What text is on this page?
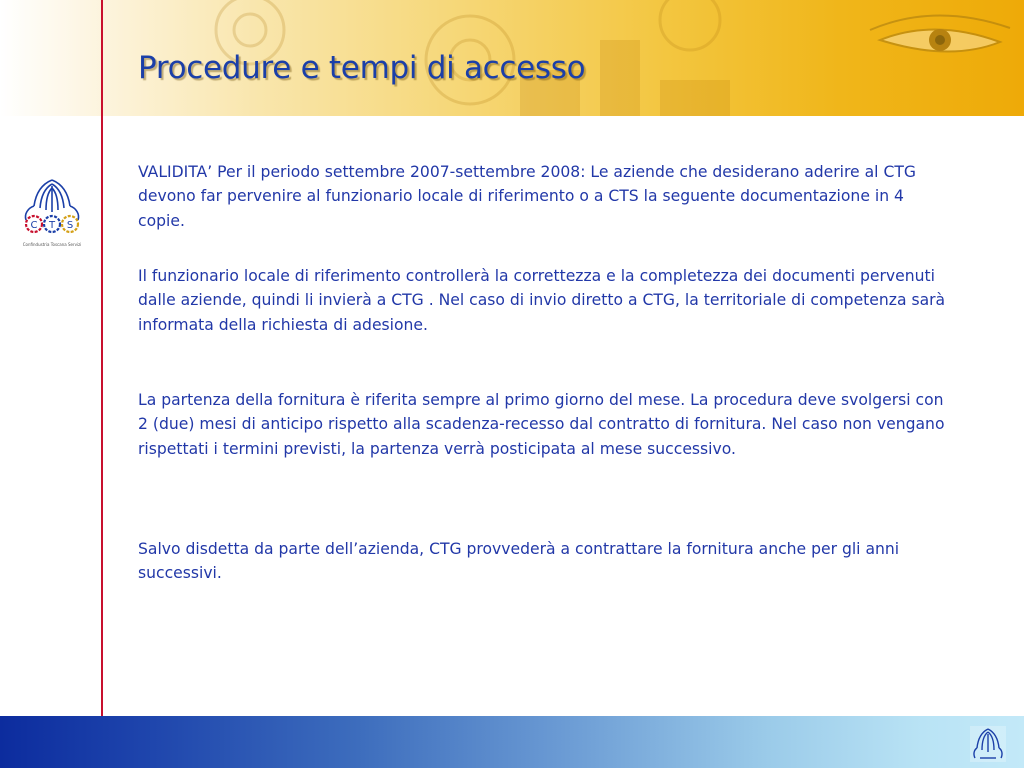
Procedure e tempi di accesso
C T S
Confindustria Toscana Servizi

VALIDITA’ Per il periodo settembre 2007-settembre 2008: Le aziende che desiderano aderire al CTG devono far pervenire al funzionario locale di riferimento o a CTS la seguente documentazione in 4 copie.

Il funzionario locale di riferimento controllerà la correttezza e la completezza dei documenti pervenuti dalle aziende, quindi li invierà a CTG . Nel caso di invio diretto a CTG, la territoriale di competenza sarà informata della richiesta di adesione.

La partenza della fornitura è riferita sempre al primo giorno del mese. La procedura deve svolgersi con 2 (due) mesi di anticipo rispetto alla scadenza-recesso dal contratto di fornitura. Nel caso non vengano rispettati i termini previsti, la partenza verrà posticipata al mese successivo.

Salvo disdetta da parte dell’azienda, CTG provvederà a contrattare la fornitura anche per gli anni successivi.
